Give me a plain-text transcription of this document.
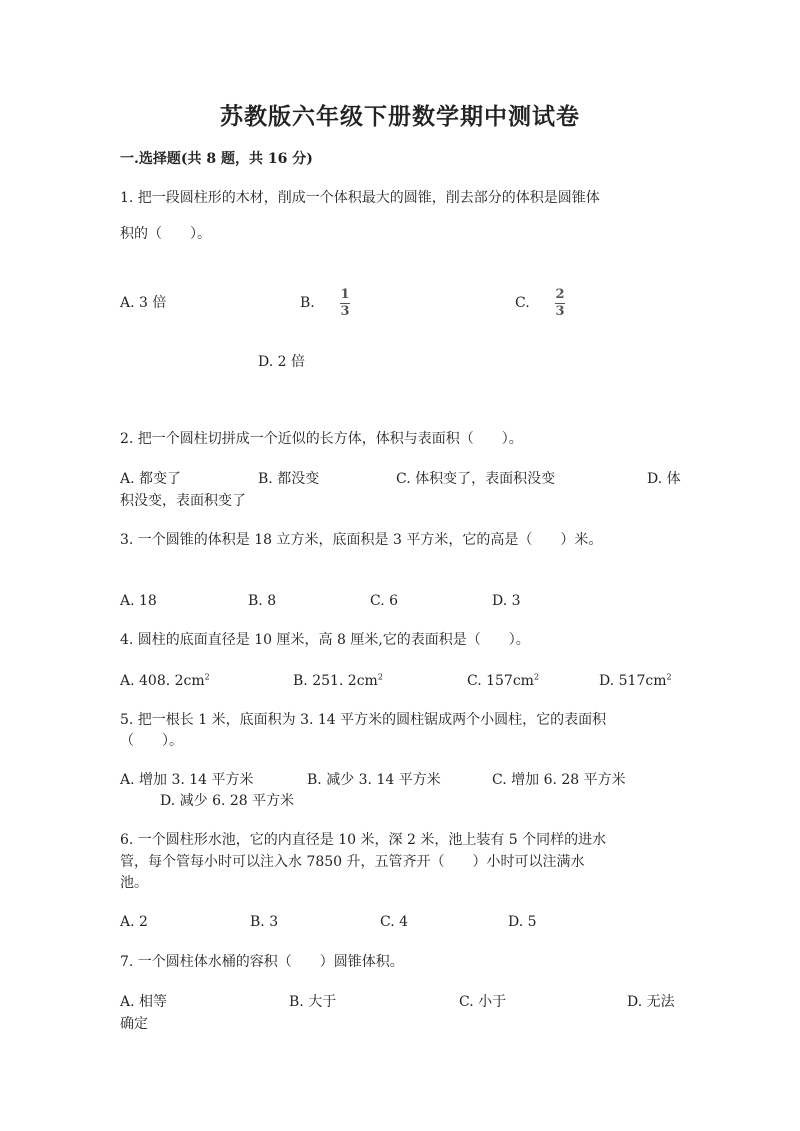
苏教版六年级下册数学期中测试卷
一.选择题(共 8 题，共 16 分)
1. 把一段圆柱形的木材，削成一个体积最大的圆锥，削去部分的体积是圆锥体
积的（　　）。
A. 3 倍	B.
1
3
C.
2
3
D. 2 倍
2. 把一个圆柱切拼成一个近似的长方体，体积与表面积（　　）。
A. 都变了	B. 都没变	C. 体积变了，表面积没变	D. 体
积没变，表面积变了
3. 一个圆锥的体积是 18 立方米，底面积是 3 平方米，它的高是（　　）米。
A. 18	B. 8	C. 6	D. 3
4. 圆柱的底面直径是 10 厘米，高 8 厘米,它的表面积是（　　）。
A. 408. $2cm^2$	B. 251. $2cm^2$	C. $157cm^2$	D. $517cm^2$
5. 把一根长 1 米，底面积为 3. 14 平方米的圆柱锯成两个小圆柱，它的表面积
（　　）。
A. 增加 3. 14 平方米	B. 减少 3. 14 平方米	C. 增加 6. 28 平方米
D. 减少 6. 28 平方米
6. 一个圆柱形水池，它的内直径是 10 米，深 2 米，池上装有 5 个同样的进水
管，每个管每小时可以注入水 7850 升，五管齐开（　　）小时可以注满水
池。
A. 2	B. 3	C. 4	D. 5
7. 一个圆柱体水桶的容积（　　）圆锥体积。
A. 相等	B. 大于	C. 小于	D. 无法
确定
